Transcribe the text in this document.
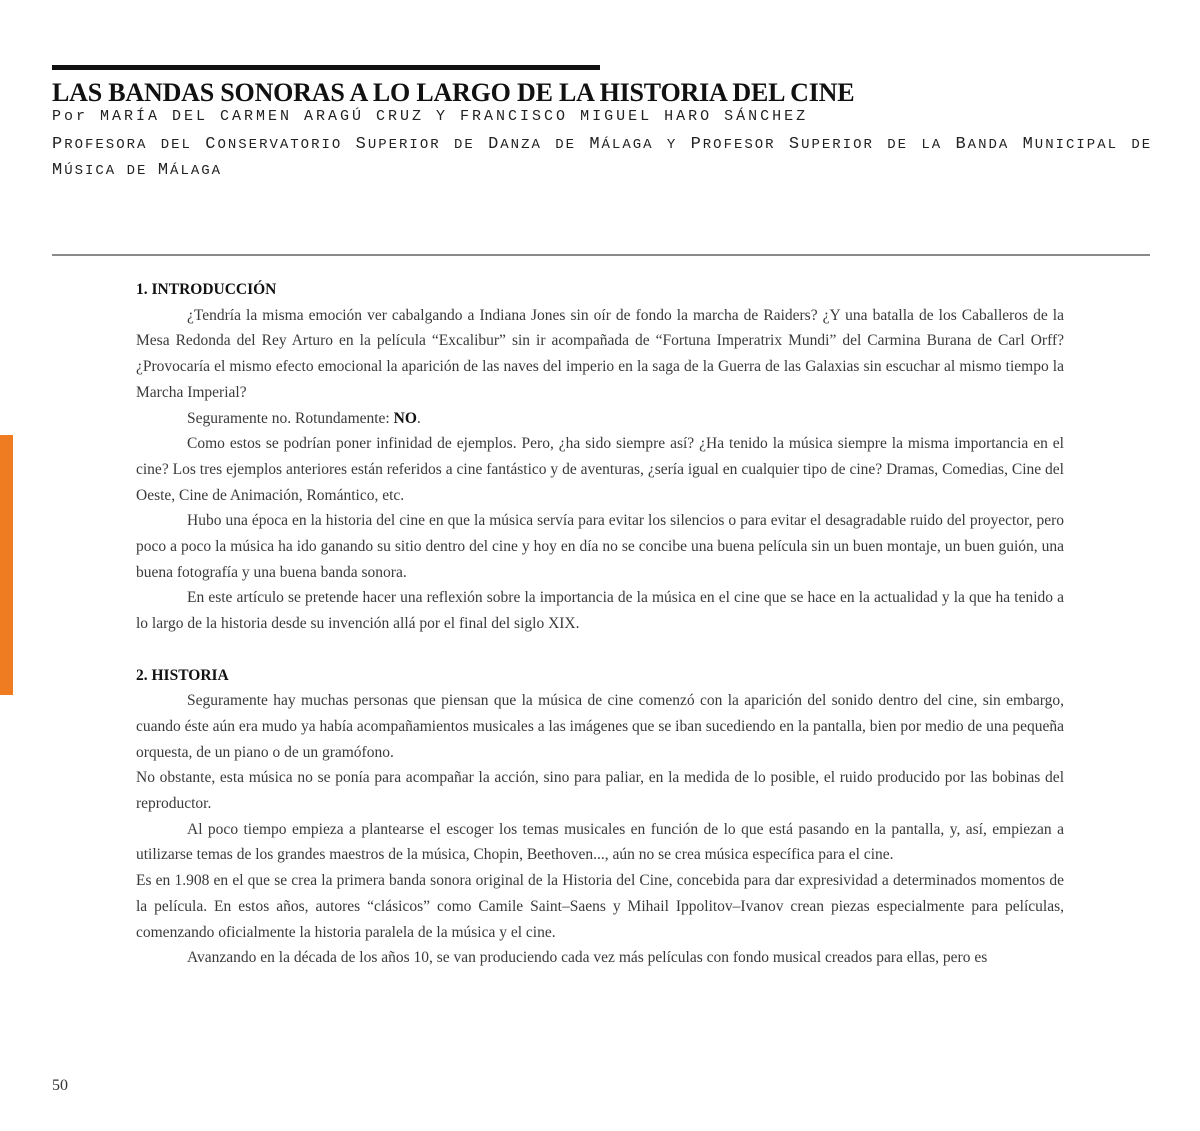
LAS BANDAS SONORAS A LO LARGO DE LA HISTORIA DEL CINE
Por MARÍA DEL CARMEN ARAGÚ CRUZ Y FRANCISCO MIGUEL HARO SÁNCHEZ
PROFESORA DEL CONSERVATORIO SUPERIOR DE DANZA DE MÁLAGA Y PROFESOR SUPERIOR DE LA BANDA MUNICIPAL DE MÚSICA DE MÁLAGA
1. INTRODUCCIÓN

¿Tendría la misma emoción ver cabalgando a Indiana Jones sin oír de fondo la marcha de Raiders? ¿Y una batalla de los Caballeros de la Mesa Redonda del Rey Arturo en la película “Excalibur” sin ir acompañada de “Fortuna Imperatrix Mundi” del Carmina Burana de Carl Orff? ¿Provocaría el mismo efecto emocional la aparición de las naves del imperio en la saga de la Guerra de las Galaxias sin escuchar al mismo tiempo la Marcha Imperial?

Seguramente no. Rotundamente: NO.

Como estos se podrían poner infinidad de ejemplos. Pero, ¿ha sido siempre así? ¿Ha tenido la música siempre la misma importancia en el cine? Los tres ejemplos anteriores están referidos a cine fantástico y de aventuras, ¿sería igual en cualquier tipo de cine? Dramas, Comedias, Cine del Oeste, Cine de Animación, Romántico, etc.

Hubo una época en la historia del cine en que la música servía para evitar los silencios o para evitar el desagradable ruido del proyector, pero poco a poco la música ha ido ganando su sitio dentro del cine y hoy en día no se concibe una buena película sin un buen montaje, un buen guión, una buena fotografía y una buena banda sonora.

En este artículo se pretende hacer una reflexión sobre la importancia de la música en el cine que se hace en la actualidad y la que ha tenido a lo largo de la historia desde su invención allá por el final del siglo XIX.

2. HISTORIA

Seguramente hay muchas personas que piensan que la música de cine comenzó con la aparición del sonido dentro del cine, sin embargo, cuando éste aún era mudo ya había acompañamientos musicales a las imágenes que se iban sucediendo en la pantalla, bien por medio de una pequeña orquesta, de un piano o de un gramófono.

No obstante, esta música no se ponía para acompañar la acción, sino para paliar, en la medida de lo posible, el ruido producido por las bobinas del reproductor.

Al poco tiempo empieza a plantearse el escoger los temas musicales en función de lo que está pasando en la pantalla, y, así, empiezan a utilizarse temas de los grandes maestros de la música, Chopin, Beethoven..., aún no se crea música específica para el cine.

Es en 1.908 en el que se crea la primera banda sonora original de la Historia del Cine, concebida para dar expresividad a determinados momentos de la película. En estos años, autores “clásicos” como Camile Saint–Saens y Mihail Ippolitov–Ivanov crean piezas especialmente para películas, comenzando oficialmente la historia paralela de la música y el cine.

Avanzando en la década de los años 10, se van produciendo cada vez más películas con fondo musical creados para ellas, pero es

50
